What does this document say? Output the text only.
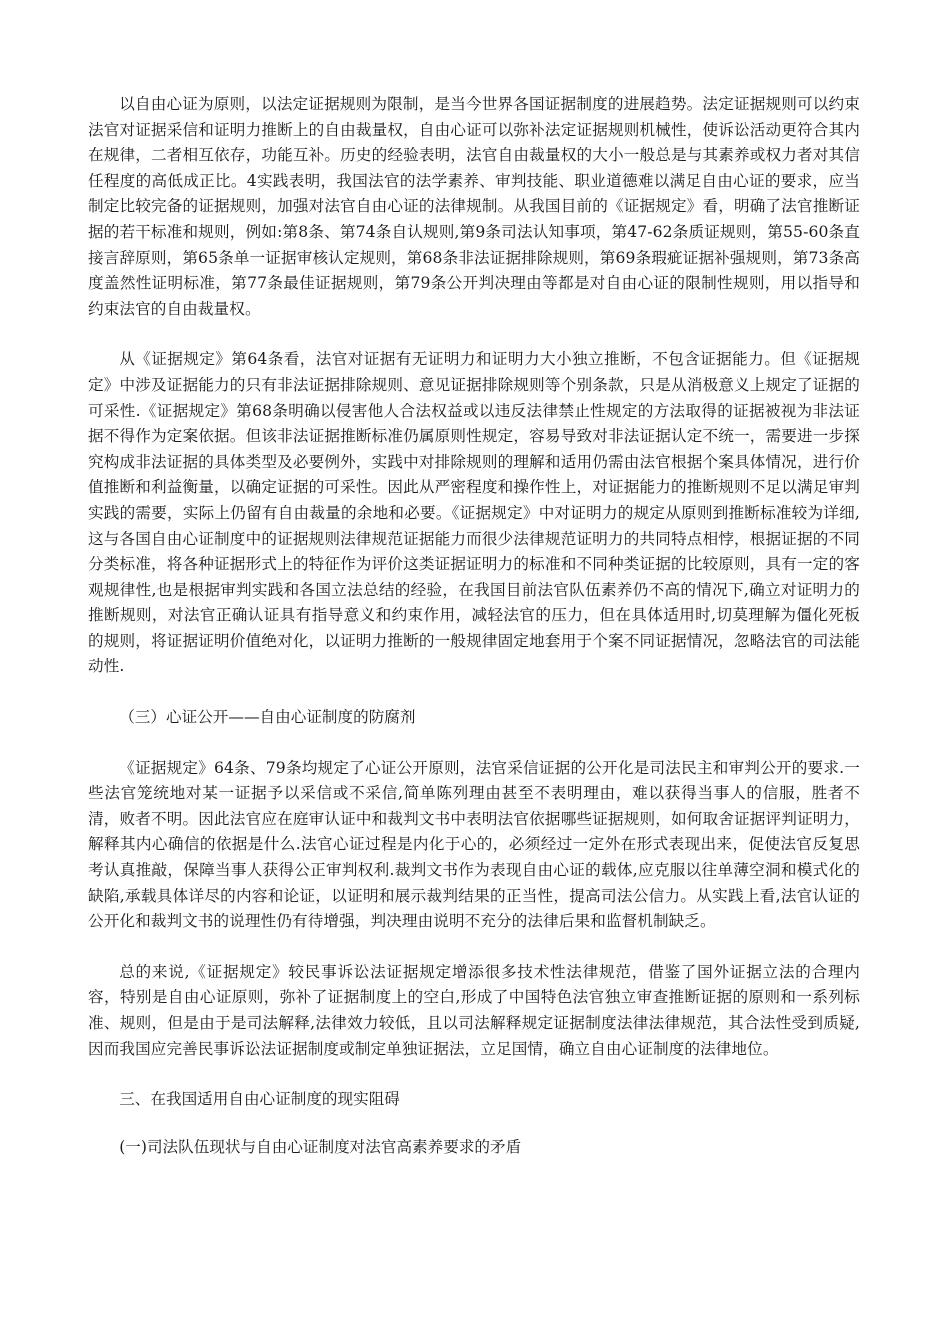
以自由心证为原则，以法定证据规则为限制，是当今世界各国证据制度的进展趋势。法定证据规则可以约束法官对证据采信和证明力推断上的自由裁量权，自由心证可以弥补法定证据规则机械性，使诉讼活动更符合其内在规律，二者相互依存，功能互补。历史的经验表明，法官自由裁量权的大小一般总是与其素养或权力者对其信任程度的高低成正比。4实践表明，我国法官的法学素养、审判技能、职业道德难以满足自由心证的要求，应当制定比较完备的证据规则，加强对法官自由心证的法律规制。从我国目前的《证据规定》看，明确了法官推断证据的若干标准和规则，例如:第8条、第74条自认规则,第9条司法认知事项，第47-62条质证规则，第55-60条直接言辞原则，第65条单一证据审核认定规则，第68条非法证据排除规则，第69条瑕疵证据补强规则，第73条高度盖然性证明标准，第77条最佳证据规则，第79条公开判决理由等都是对自由心证的限制性规则，用以指导和约束法官的自由裁量权。

从《证据规定》第64条看，法官对证据有无证明力和证明力大小独立推断，不包含证据能力。但《证据规定》中涉及证据能力的只有非法证据排除规则、意见证据排除规则等个别条款，只是从消极意义上规定了证据的可采性.《证据规定》第68条明确以侵害他人合法权益或以违反法律禁止性规定的方法取得的证据被视为非法证据不得作为定案依据。但该非法证据推断标准仍属原则性规定，容易导致对非法证据认定不统一，需要进一步探究构成非法证据的具体类型及必要例外，实践中对排除规则的理解和适用仍需由法官根据个案具体情况，进行价值推断和利益衡量，以确定证据的可采性。因此从严密程度和操作性上，对证据能力的推断规则不足以满足审判实践的需要，实际上仍留有自由裁量的余地和必要。《证据规定》中对证明力的规定从原则到推断标准较为详细,这与各国自由心证制度中的证据规则法律规范证据能力而很少法律规范证明力的共同特点相悖，根据证据的不同分类标准，将各种证据形式上的特征作为评价这类证据证明力的标准和不同种类证据的比较原则，具有一定的客观规律性,也是根据审判实践和各国立法总结的经验，在我国目前法官队伍素养仍不高的情况下,确立对证明力的推断规则，对法官正确认证具有指导意义和约束作用，减轻法官的压力，但在具体适用时,切莫理解为僵化死板的规则，将证据证明价值绝对化，以证明力推断的一般规律固定地套用于个案不同证据情况，忽略法官的司法能动性.

（三）心证公开——自由心证制度的防腐剂

《证据规定》64条、79条均规定了心证公开原则，法官采信证据的公开化是司法民主和审判公开的要求.一些法官笼统地对某一证据予以采信或不采信,简单陈列理由甚至不表明理由，难以获得当事人的信服，胜者不清，败者不明。因此法官应在庭审认证中和裁判文书中表明法官依据哪些证据规则，如何取舍证据评判证明力，解释其内心确信的依据是什么.法官心证过程是内化于心的，必须经过一定外在形式表现出来，促使法官反复思考认真推敲，保障当事人获得公正审判权利.裁判文书作为表现自由心证的载体,应克服以往单薄空洞和模式化的缺陷,承载具体详尽的内容和论证，以证明和展示裁判结果的正当性，提高司法公信力。从实践上看,法官认证的公开化和裁判文书的说理性仍有待增强，判决理由说明不充分的法律后果和监督机制缺乏。

总的来说,《证据规定》较民事诉讼法证据规定增添很多技术性法律规范，借鉴了国外证据立法的合理内容，特别是自由心证原则，弥补了证据制度上的空白,形成了中国特色法官独立审查推断证据的原则和一系列标准、规则，但是由于是司法解释,法律效力较低，且以司法解释规定证据制度法律法律规范，其合法性受到质疑,因而我国应完善民事诉讼法证据制度或制定单独证据法，立足国情，确立自由心证制度的法律地位。

三、在我国适用自由心证制度的现实阻碍

(一)司法队伍现状与自由心证制度对法官高素养要求的矛盾
